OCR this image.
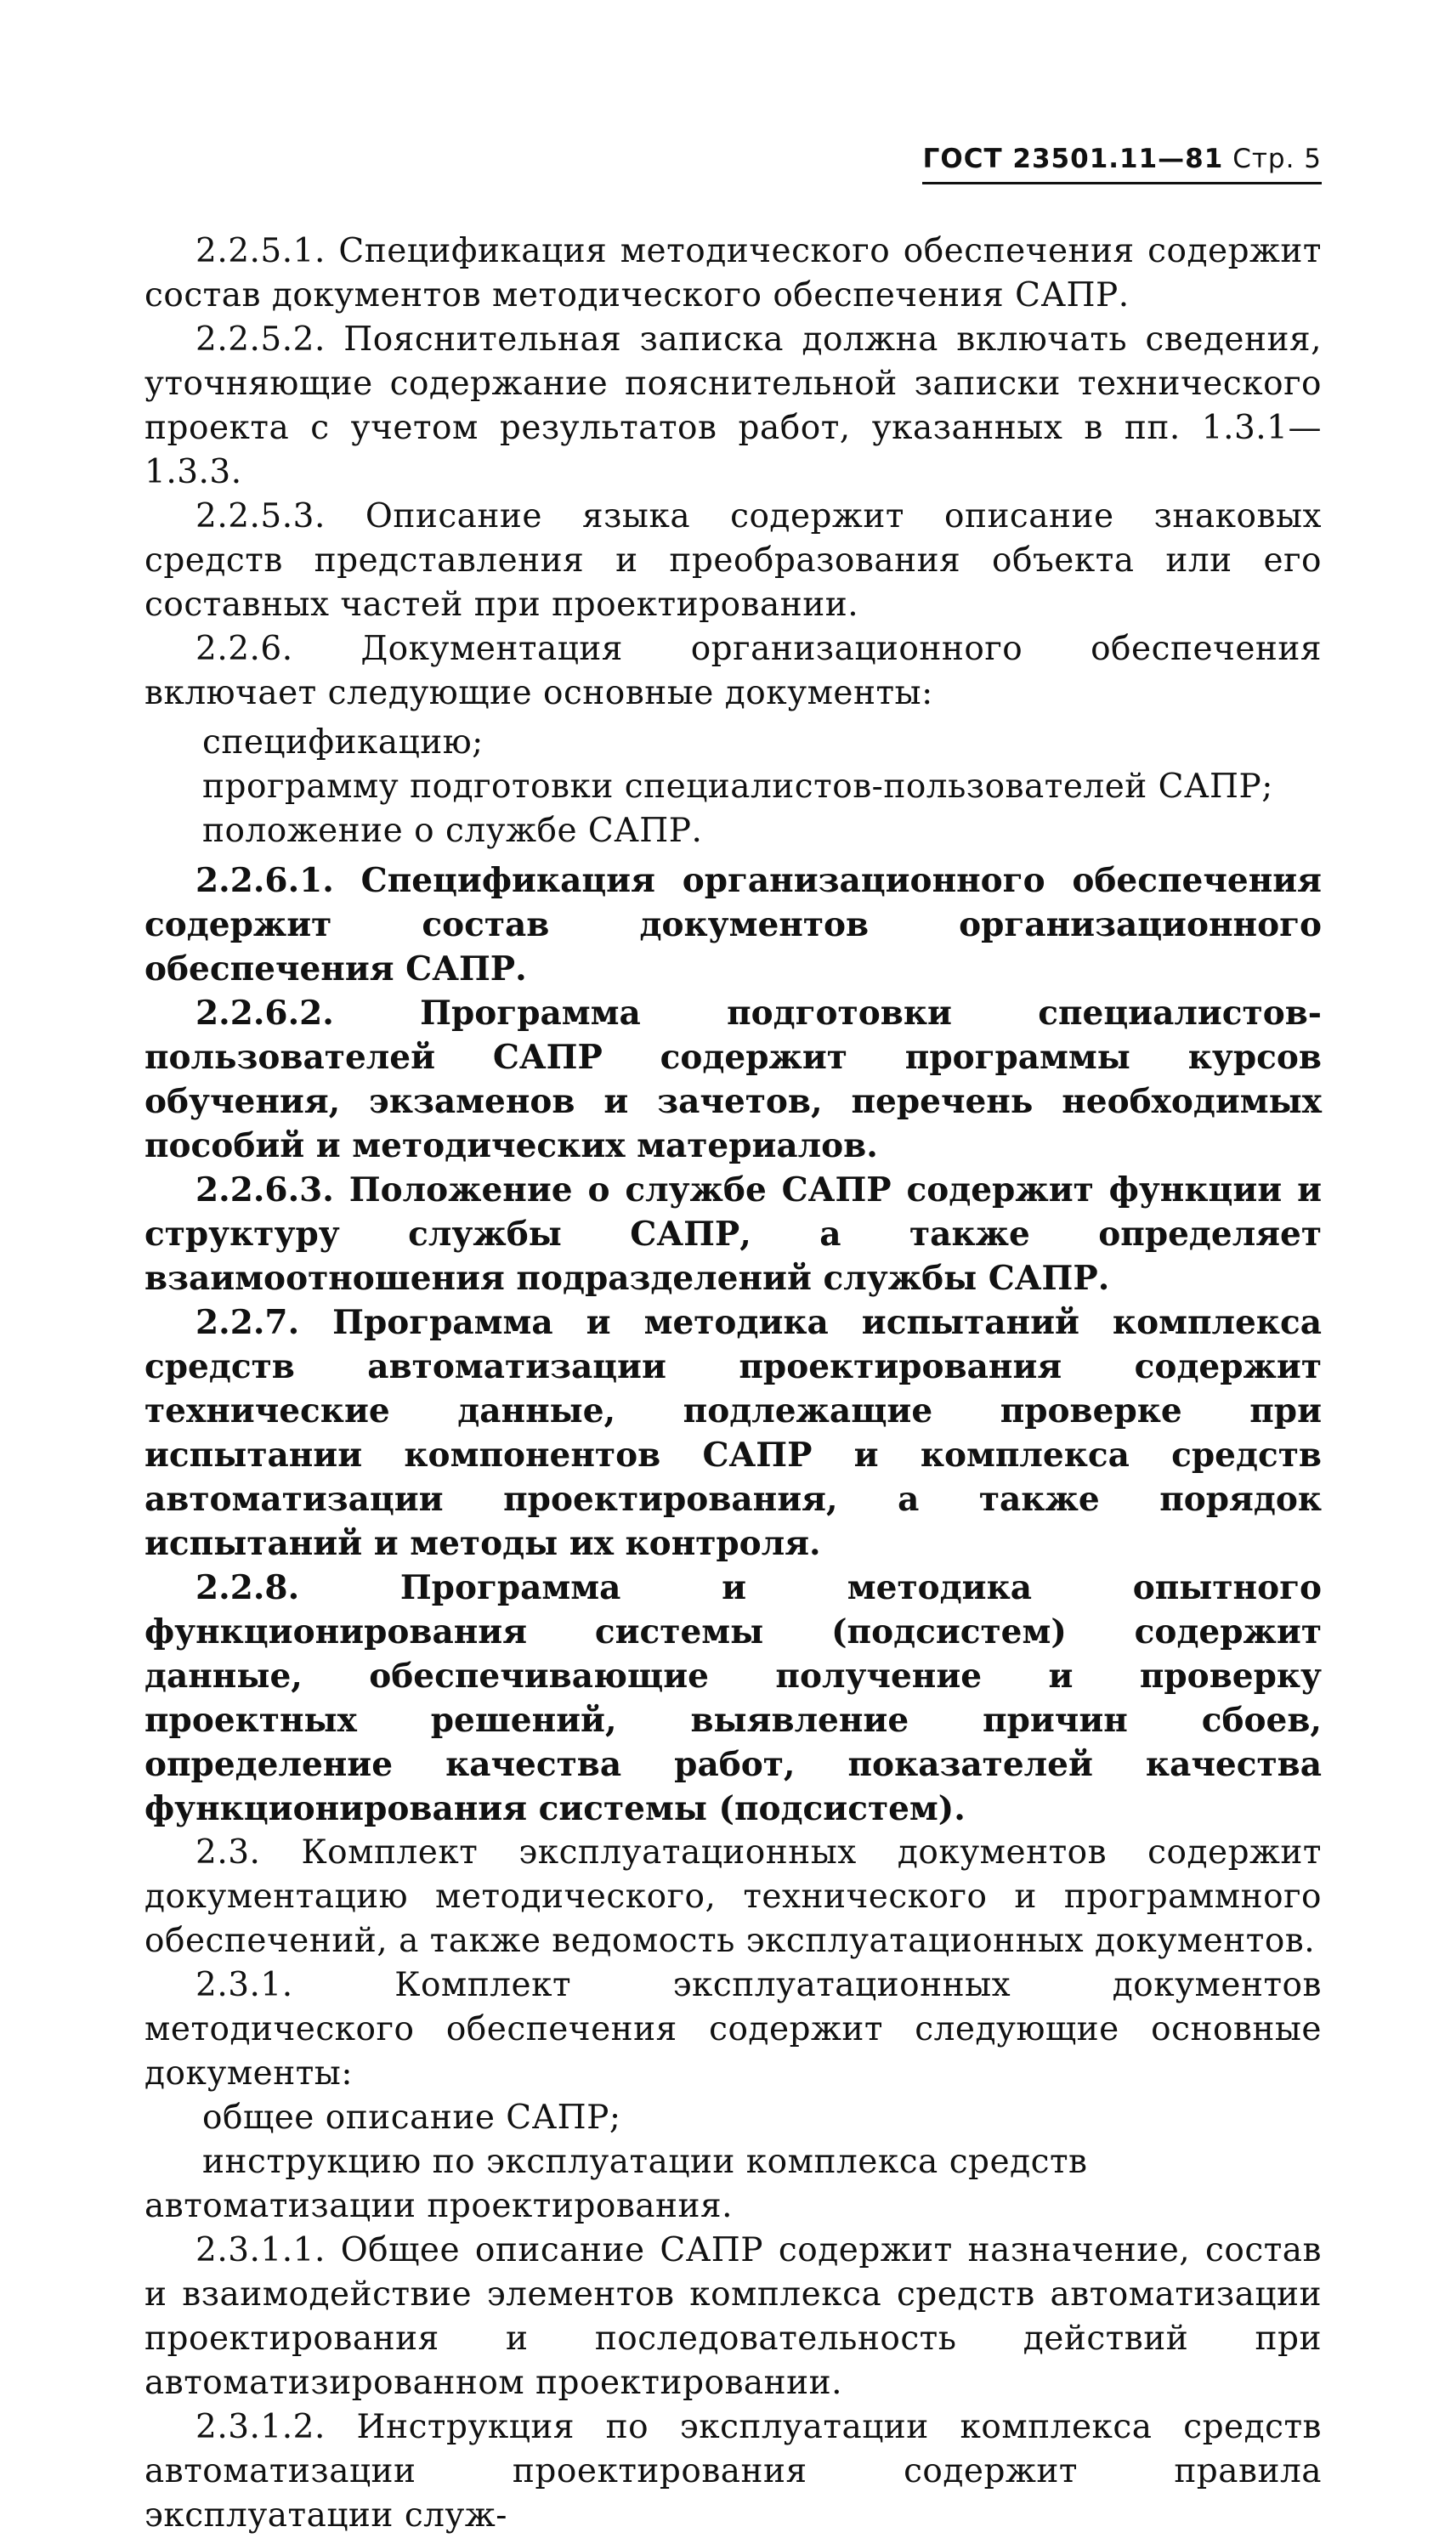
ГОСТ 23501.11—81 Стр. 5

2.2.5.1. Спецификация методического обеспечения содержит состав документов методического обеспечения САПР.

2.2.5.2. Пояснительная записка должна включать сведения, уточняющие содержание пояснительной записки технического проекта с учетом результатов работ, указанных в пп. 1.3.1—1.3.3.

2.2.5.3. Описание языка содержит описание знаковых средств представления и преобразования объекта или его составных частей при проектировании.

2.2.6. Документация организационного обеспечения включает следующие основные документы:

спецификацию;

программу подготовки специалистов-пользователей САПР;

положение о службе САПР.

2.2.6.1. Спецификация организационного обеспечения содержит состав документов организационного обеспечения САПР.

2.2.6.2. Программа подготовки специалистов-пользователей САПР содержит программы курсов обучения, экзаменов и зачетов, перечень необходимых пособий и методических материалов.

2.2.6.3. Положение о службе САПР содержит функции и структуру службы САПР, а также определяет взаимоотношения подразделений службы САПР.

2.2.7. Программа и методика испытаний комплекса средств автоматизации проектирования содержит технические данные, подлежащие проверке при испытании компонентов САПР и комплекса средств автоматизации проектирования, а также порядок испытаний и методы их контроля.

2.2.8. Программа и методика опытного функционирования системы (подсистем) содержит данные, обеспечивающие получение и проверку проектных решений, выявление причин сбоев, определение качества работ, показателей качества функционирования системы (подсистем).

2.3. Комплект эксплуатационных документов содержит документацию методического, технического и программного обеспечений, а также ведомость эксплуатационных документов.

2.3.1. Комплект эксплуатационных документов методического обеспечения содержит следующие основные документы:

общее описание САПР;

инструкцию по эксплуатации комплекса средств автоматизации проектирования.

2.3.1.1. Общее описание САПР содержит назначение, состав и взаимодействие элементов комплекса средств автоматизации проектирования и последовательность действий при автоматизированном проектировании.

2.3.1.2. Инструкция по эксплуатации комплекса средств автоматизации проектирования содержит правила эксплуатации служ-
